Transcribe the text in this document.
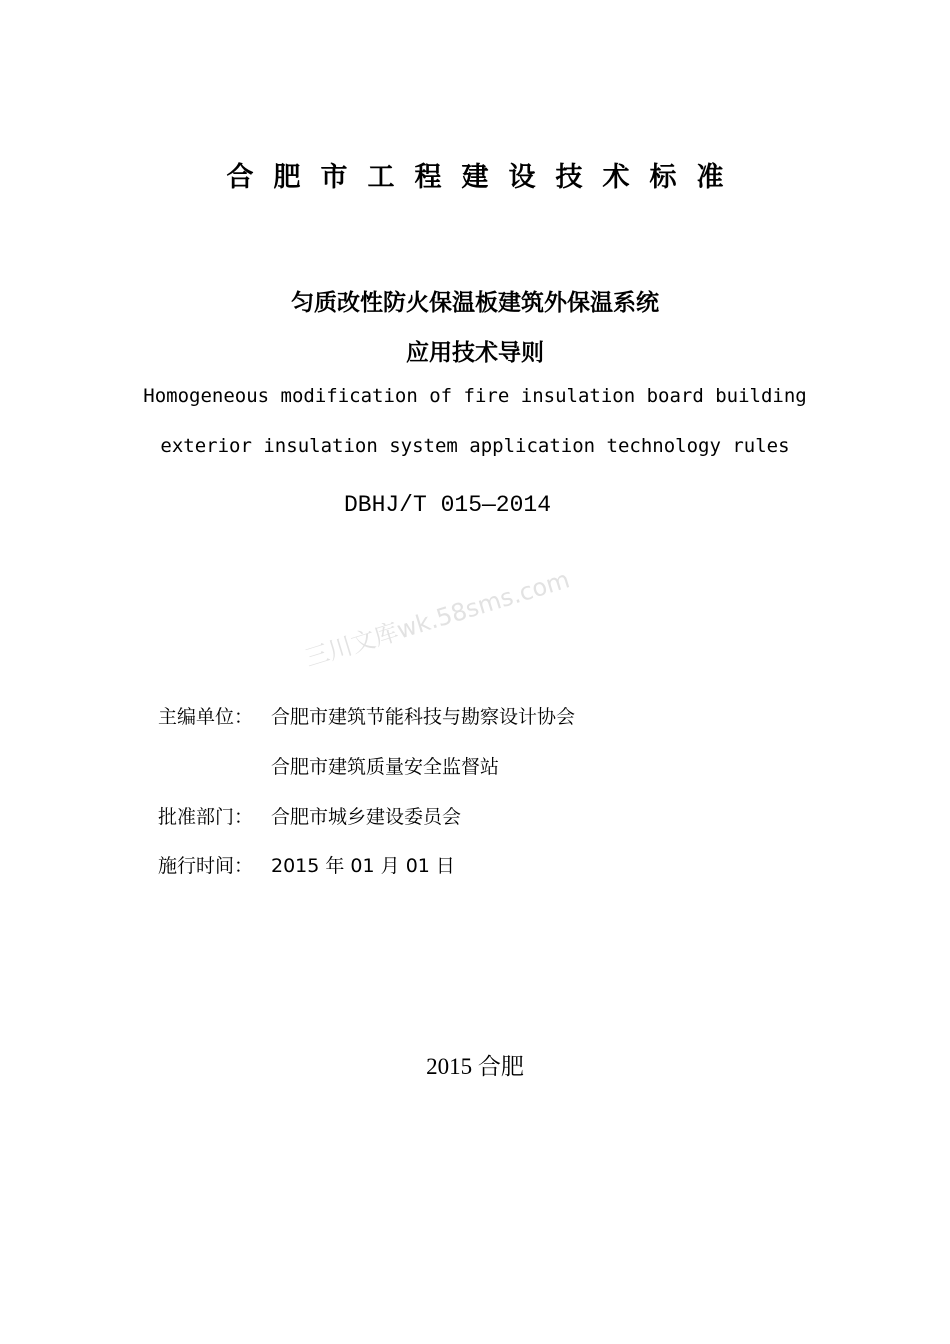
三川文库wk.58sms.com
合肥市工程建设技术标准
匀质改性防火保温板建筑外保温系统
应用技术导则
Homogeneous modification of fire insulation board building
exterior insulation system application technology rules
DBHJ/T 015—2014
主编单位： 合肥市建筑节能科技与勘察设计协会
合肥市建筑质量安全监督站
批准部门： 合肥市城乡建设委员会
施行时间： 2015 年 01 月 01 日
2015 合肥
